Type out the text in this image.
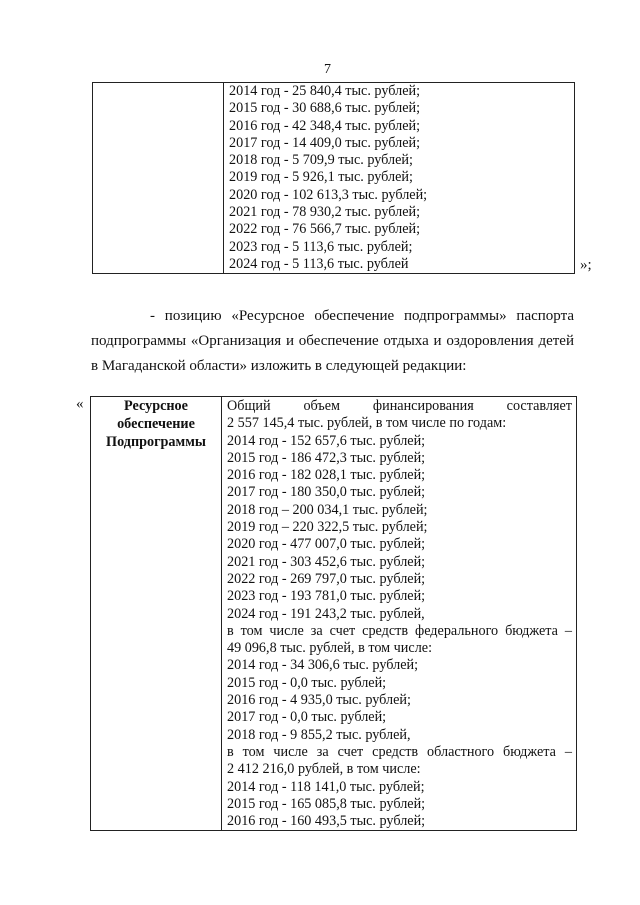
7

2014 год - 25 840,4 тыс. рублей;
2015 год - 30 688,6 тыс. рублей;
2016 год - 42 348,4 тыс. рублей;
2017 год - 14 409,0 тыс. рублей;
2018 год - 5 709,9 тыс. рублей;
2019 год - 5 926,1 тыс. рублей;
2020 год - 102 613,3 тыс. рублей;
2021 год - 78 930,2 тыс. рублей;
2022 год - 76 566,7 тыс. рублей;
2023 год - 5 113,6 тыс. рублей;
2024 год - 5 113,6 тыс. рублей	»;
- позицию «Ресурсное обеспечение подпрограммы» паспорта
подпрограммы «Организация и обеспечение отдыха и оздоровления детей
в Магаданской области» изложить в следующей редакции:
«	Ресурсное
обеспечение
Подпрограммы

Общий объем финансирования составляет
2 557 145,4 тыс. рублей, в том числе по годам:
2014 год - 152 657,6 тыс. рублей;
2015 год - 186 472,3 тыс. рублей;
2016 год - 182 028,1 тыс. рублей;
2017 год - 180 350,0 тыс. рублей;
2018 год – 200 034,1 тыс. рублей;
2019 год – 220 322,5 тыс. рублей;
2020 год - 477 007,0 тыс. рублей;
2021 год - 303 452,6 тыс. рублей;
2022 год - 269 797,0 тыс. рублей;
2023 год - 193 781,0 тыс. рублей;
2024 год - 191 243,2 тыс. рублей,
в том числе за счет средств федерального бюджета –
49 096,8 тыс. рублей, в том числе:
2014 год - 34 306,6 тыс. рублей;
2015 год - 0,0 тыс. рублей;
2016 год - 4 935,0 тыс. рублей;
2017 год - 0,0 тыс. рублей;
2018 год - 9 855,2 тыс. рублей,
в том числе за счет средств областного бюджета –
2 412 216,0 рублей, в том числе:
2014 год - 118 141,0 тыс. рублей;
2015 год - 165 085,8 тыс. рублей;
2016 год - 160 493,5 тыс. рублей;
